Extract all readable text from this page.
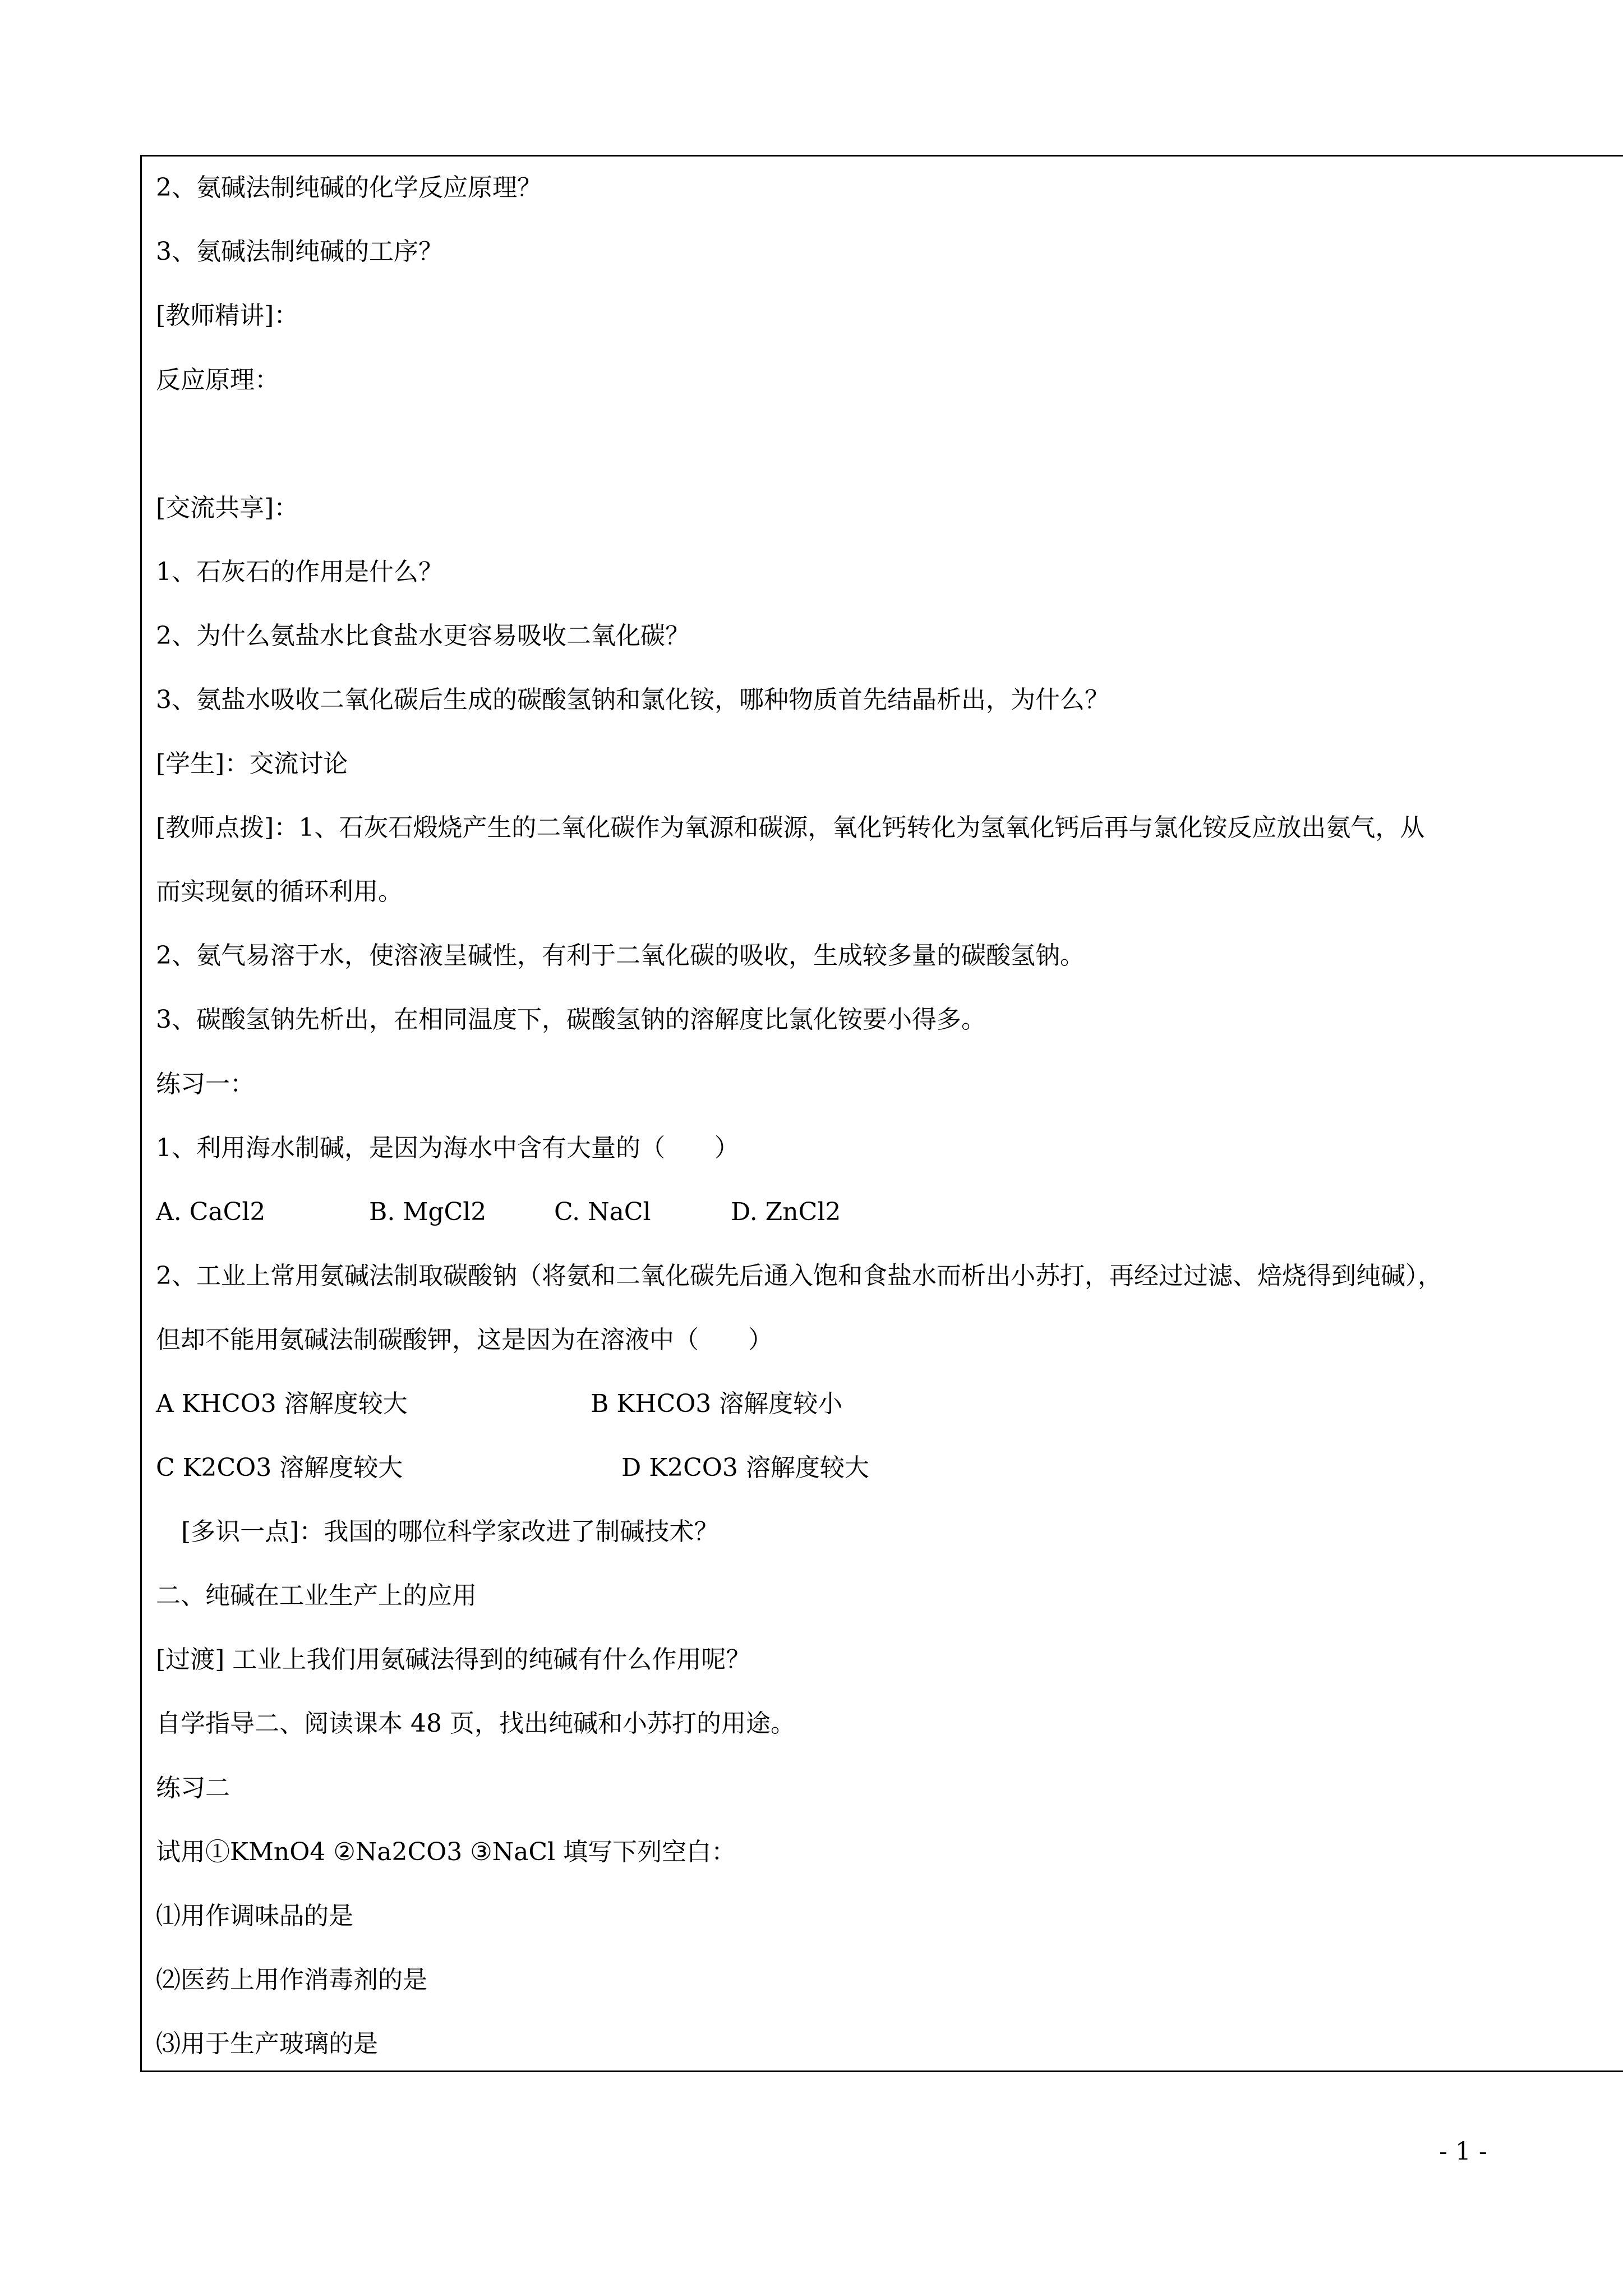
2、氨碱法制纯碱的化学反应原理？
3、氨碱法制纯碱的工序？
[教师精讲]：
反应原理：
[交流共享]：
1、石灰石的作用是什么？
2、为什么氨盐水比食盐水更容易吸收二氧化碳？
3、氨盐水吸收二氧化碳后生成的碳酸氢钠和氯化铵，哪种物质首先结晶析出，为什么？
[学生]：交流讨论
[教师点拨]：1、石灰石煅烧产生的二氧化碳作为氧源和碳源，氧化钙转化为氢氧化钙后再与氯化铵反应放出氨气，从
而实现氨的循环利用。
2、氨气易溶于水，使溶液呈碱性，有利于二氧化碳的吸收，生成较多量的碳酸氢钠。
3、碳酸氢钠先析出，在相同温度下，碳酸氢钠的溶解度比氯化铵要小得多。
练习一：
1、利用海水制碱，是因为海水中含有大量的（　　）
A. CaCl2	B. MgCl2	C. NaCl	D. ZnCl2
2、工业上常用氨碱法制取碳酸钠（将氨和二氧化碳先后通入饱和食盐水而析出小苏打，再经过过滤、焙烧得到纯碱），
但却不能用氨碱法制碳酸钾，这是因为在溶液中（　　）
A KHCO3 溶解度较大	B KHCO3 溶解度较小
C K2CO3 溶解度较大	D K2CO3 溶解度较大
[多识一点]：我国的哪位科学家改进了制碱技术？
二、纯碱在工业生产上的应用
[过渡] 工业上我们用氨碱法得到的纯碱有什么作用呢？
自学指导二、阅读课本 48 页，找出纯碱和小苏打的用途。
练习二
试用①KMnO4 ②Na2CO3 ③NaCl 填写下列空白：
⑴用作调味品的是
⑵医药上用作消毒剂的是
⑶用于生产玻璃的是
- 1 -
